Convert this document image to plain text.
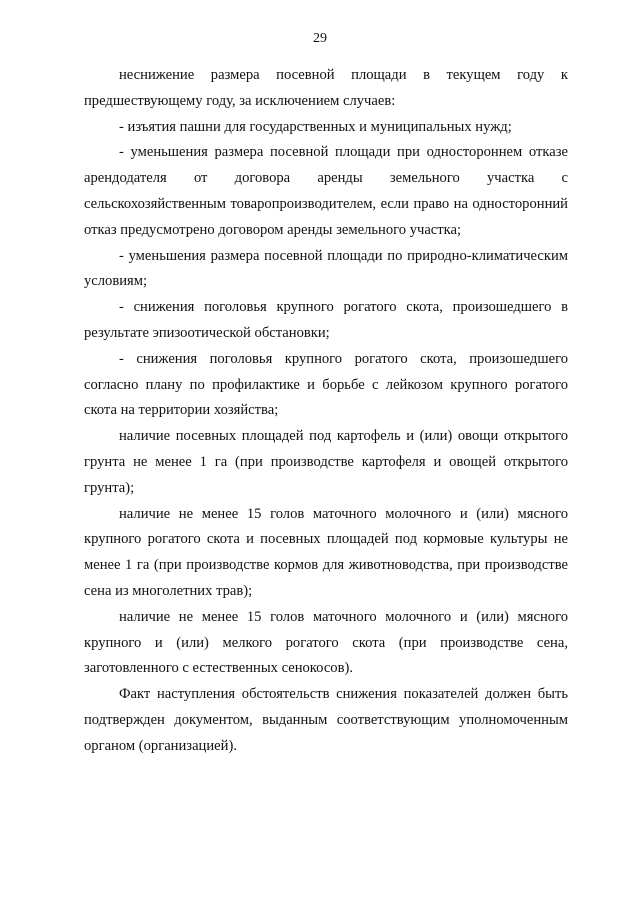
29

неснижение размера посевной площади в текущем году к предшествующему году, за исключением случаев:

- изъятия пашни для государственных и муниципальных нужд;

- уменьшения размера посевной площади при одностороннем отказе арендодателя от договора аренды земельного участка с сельскохозяйственным товаропроизводителем, если право на односторонний отказ предусмотрено договором аренды земельного участка;

- уменьшения размера посевной площади по природно-климатическим условиям;

- снижения поголовья крупного рогатого скота, произошедшего в результате эпизоотической обстановки;

- снижения поголовья крупного рогатого скота, произошедшего согласно плану по профилактике и борьбе с лейкозом крупного рогатого скота на территории хозяйства;

наличие посевных площадей под картофель и (или) овощи открытого грунта не менее 1 га (при производстве картофеля и овощей открытого грунта);

наличие не менее 15 голов маточного молочного и (или) мясного крупного рогатого скота и посевных площадей под кормовые культуры не менее 1 га (при производстве кормов для животноводства, при производстве сена из многолетних трав);

наличие не менее 15 голов маточного молочного и (или) мясного крупного и (или) мелкого рогатого скота (при производстве сена, заготовленного с естественных сенокосов).

Факт наступления обстоятельств снижения показателей должен быть подтвержден документом, выданным соответствующим уполномоченным органом (организацией).
